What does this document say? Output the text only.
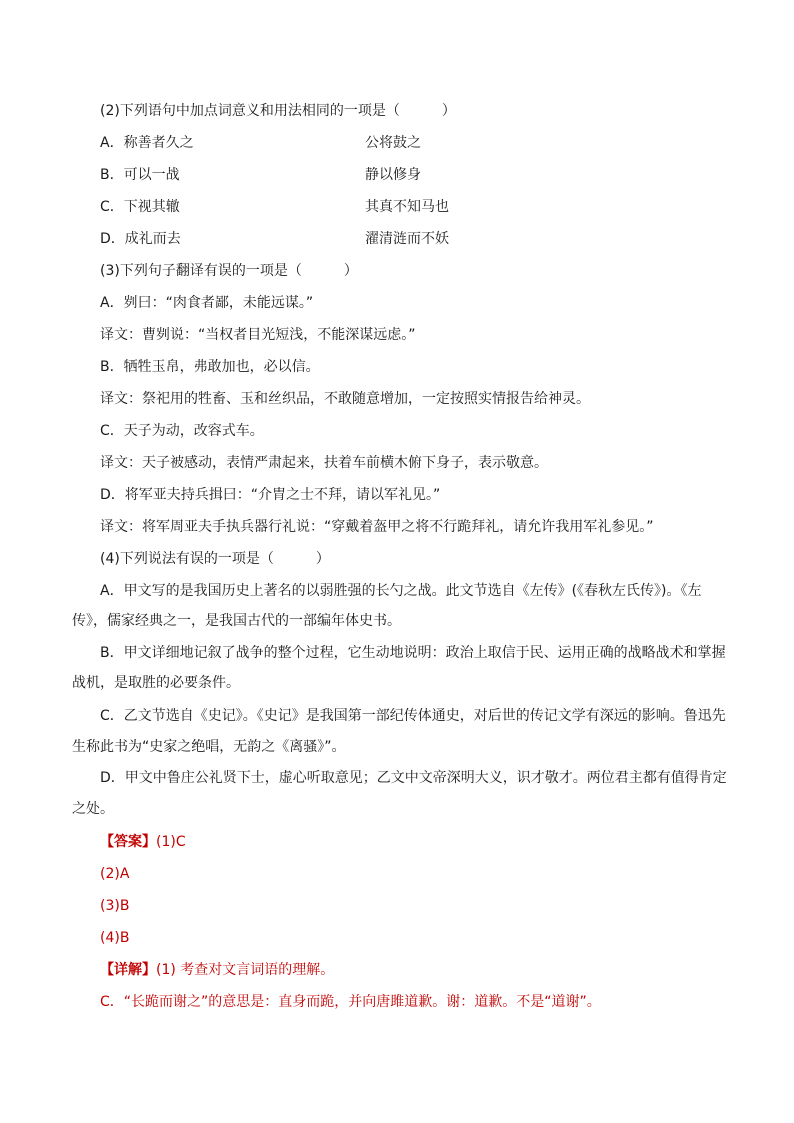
(2)下列语句中加点词意义和用法相同的一项是（　　　）
A．称善者久之	公将鼓之
B．可以一战	静以修身
C．下视其辙	其真不知马也
D．成礼而去	濯清涟而不妖
(3)下列句子翻译有误的一项是（　　　）
A．刿曰：“肉食者鄙，未能远谋。”
译文：曹刿说：“当权者目光短浅，不能深谋远虑。”
B．牺牲玉帛，弗敢加也，必以信。
译文：祭祀用的牲畜、玉和丝织品，不敢随意增加，一定按照实情报告给神灵。
C．天子为动，改容式车。
译文：天子被感动，表情严肃起来，扶着车前横木俯下身子，表示敬意。
D．将军亚夫持兵揖曰：“介胄之士不拜，请以军礼见。”
译文：将军周亚夫手执兵器行礼说：“穿戴着盔甲之将不行跪拜礼，请允许我用军礼参见。”
(4)下列说法有误的一项是（　　　）
A．甲文写的是我国历史上著名的以弱胜强的长勺之战。此文节选自《左传》(《春秋左氏传》)。《左
传》，儒家经典之一，是我国古代的一部编年体史书。
B．甲文详细地记叙了战争的整个过程，它生动地说明：政治上取信于民、运用正确的战略战术和掌握
战机，是取胜的必要条件。
C．乙文节选自《史记》。《史记》是我国第一部纪传体通史，对后世的传记文学有深远的影响。鲁迅先
生称此书为“史家之绝唱，无韵之《离骚》”。
D．甲文中鲁庄公礼贤下士，虚心听取意见；乙文中文帝深明大义，识才敬才。两位君主都有值得肯定
之处。
【答案】(1)C
(2)A
(3)B
(4)B
【详解】(1) 考查对文言词语的理解。
C．“长跪而谢之”的意思是：直身而跪，并向唐雎道歉。谢：道歉。不是“道谢”。
